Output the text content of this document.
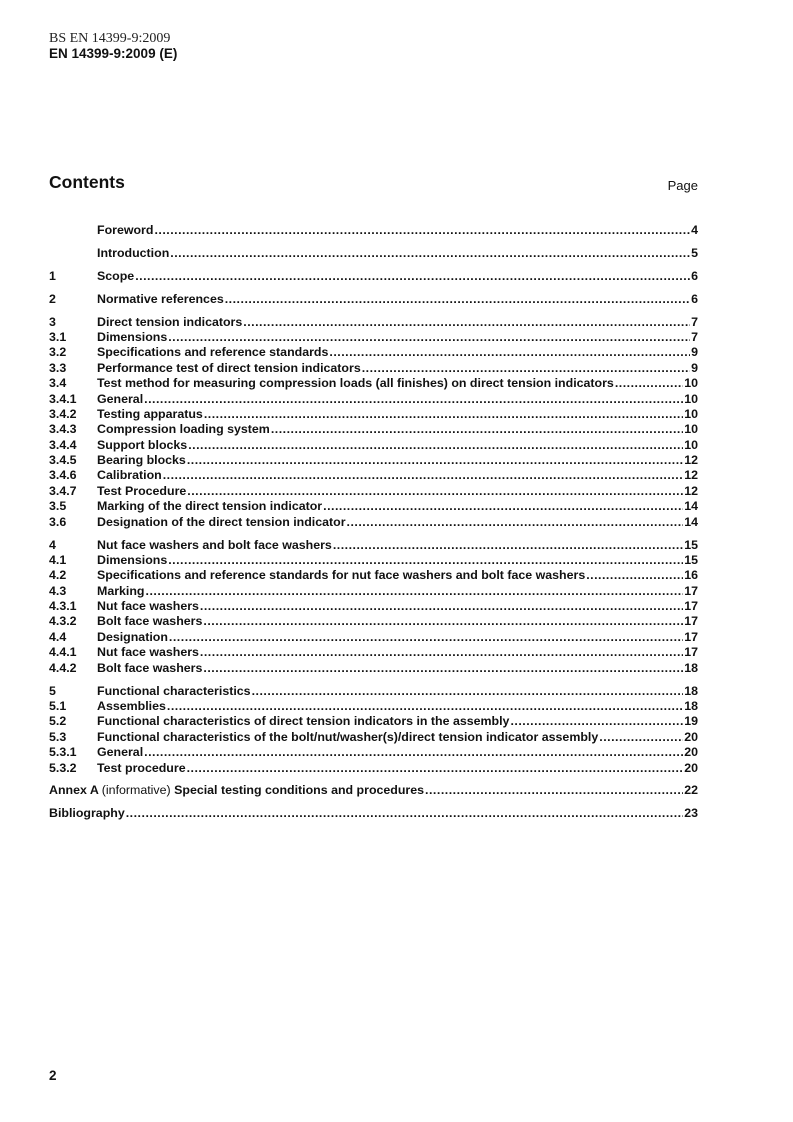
BS EN 14399-9:2009
EN 14399-9:2009 (E)
Contents	Page
Foreword .....	4
Introduction .....	5
1	Scope .....	6
2	Normative references .....	6
3	Direct tension indicators .....	7
3.1	Dimensions .....	7
3.2	Specifications and reference standards .....	9
3.3	Performance test of direct tension indicators .....	9
3.4	Test method for measuring compression loads (all finishes) on direct tension indicators .....	10
3.4.1	General .....	10
3.4.2	Testing apparatus .....	10
3.4.3	Compression loading system .....	10
3.4.4	Support blocks .....	10
3.4.5	Bearing blocks .....	12
3.4.6	Calibration .....	12
3.4.7	Test Procedure .....	12
3.5	Marking of the direct tension indicator .....	14
3.6	Designation of the direct tension indicator .....	14
4	Nut face washers and bolt face washers .....	15
4.1	Dimensions .....	15
4.2	Specifications and reference standards for nut face washers and bolt face washers .....	16
4.3	Marking .....	17
4.3.1	Nut face washers .....	17
4.3.2	Bolt face washers .....	17
4.4	Designation .....	17
4.4.1	Nut face washers .....	17
4.4.2	Bolt face washers .....	18
5	Functional characteristics .....	18
5.1	Assemblies .....	18
5.2	Functional characteristics of direct tension indicators in the assembly .....	19
5.3	Functional characteristics of the bolt/nut/washer(s)/direct tension indicator assembly .....	20
5.3.1	General .....	20
5.3.2	Test procedure .....	20
Annex A (informative) Special testing conditions and procedures .....	22
Bibliography .....	23
2
